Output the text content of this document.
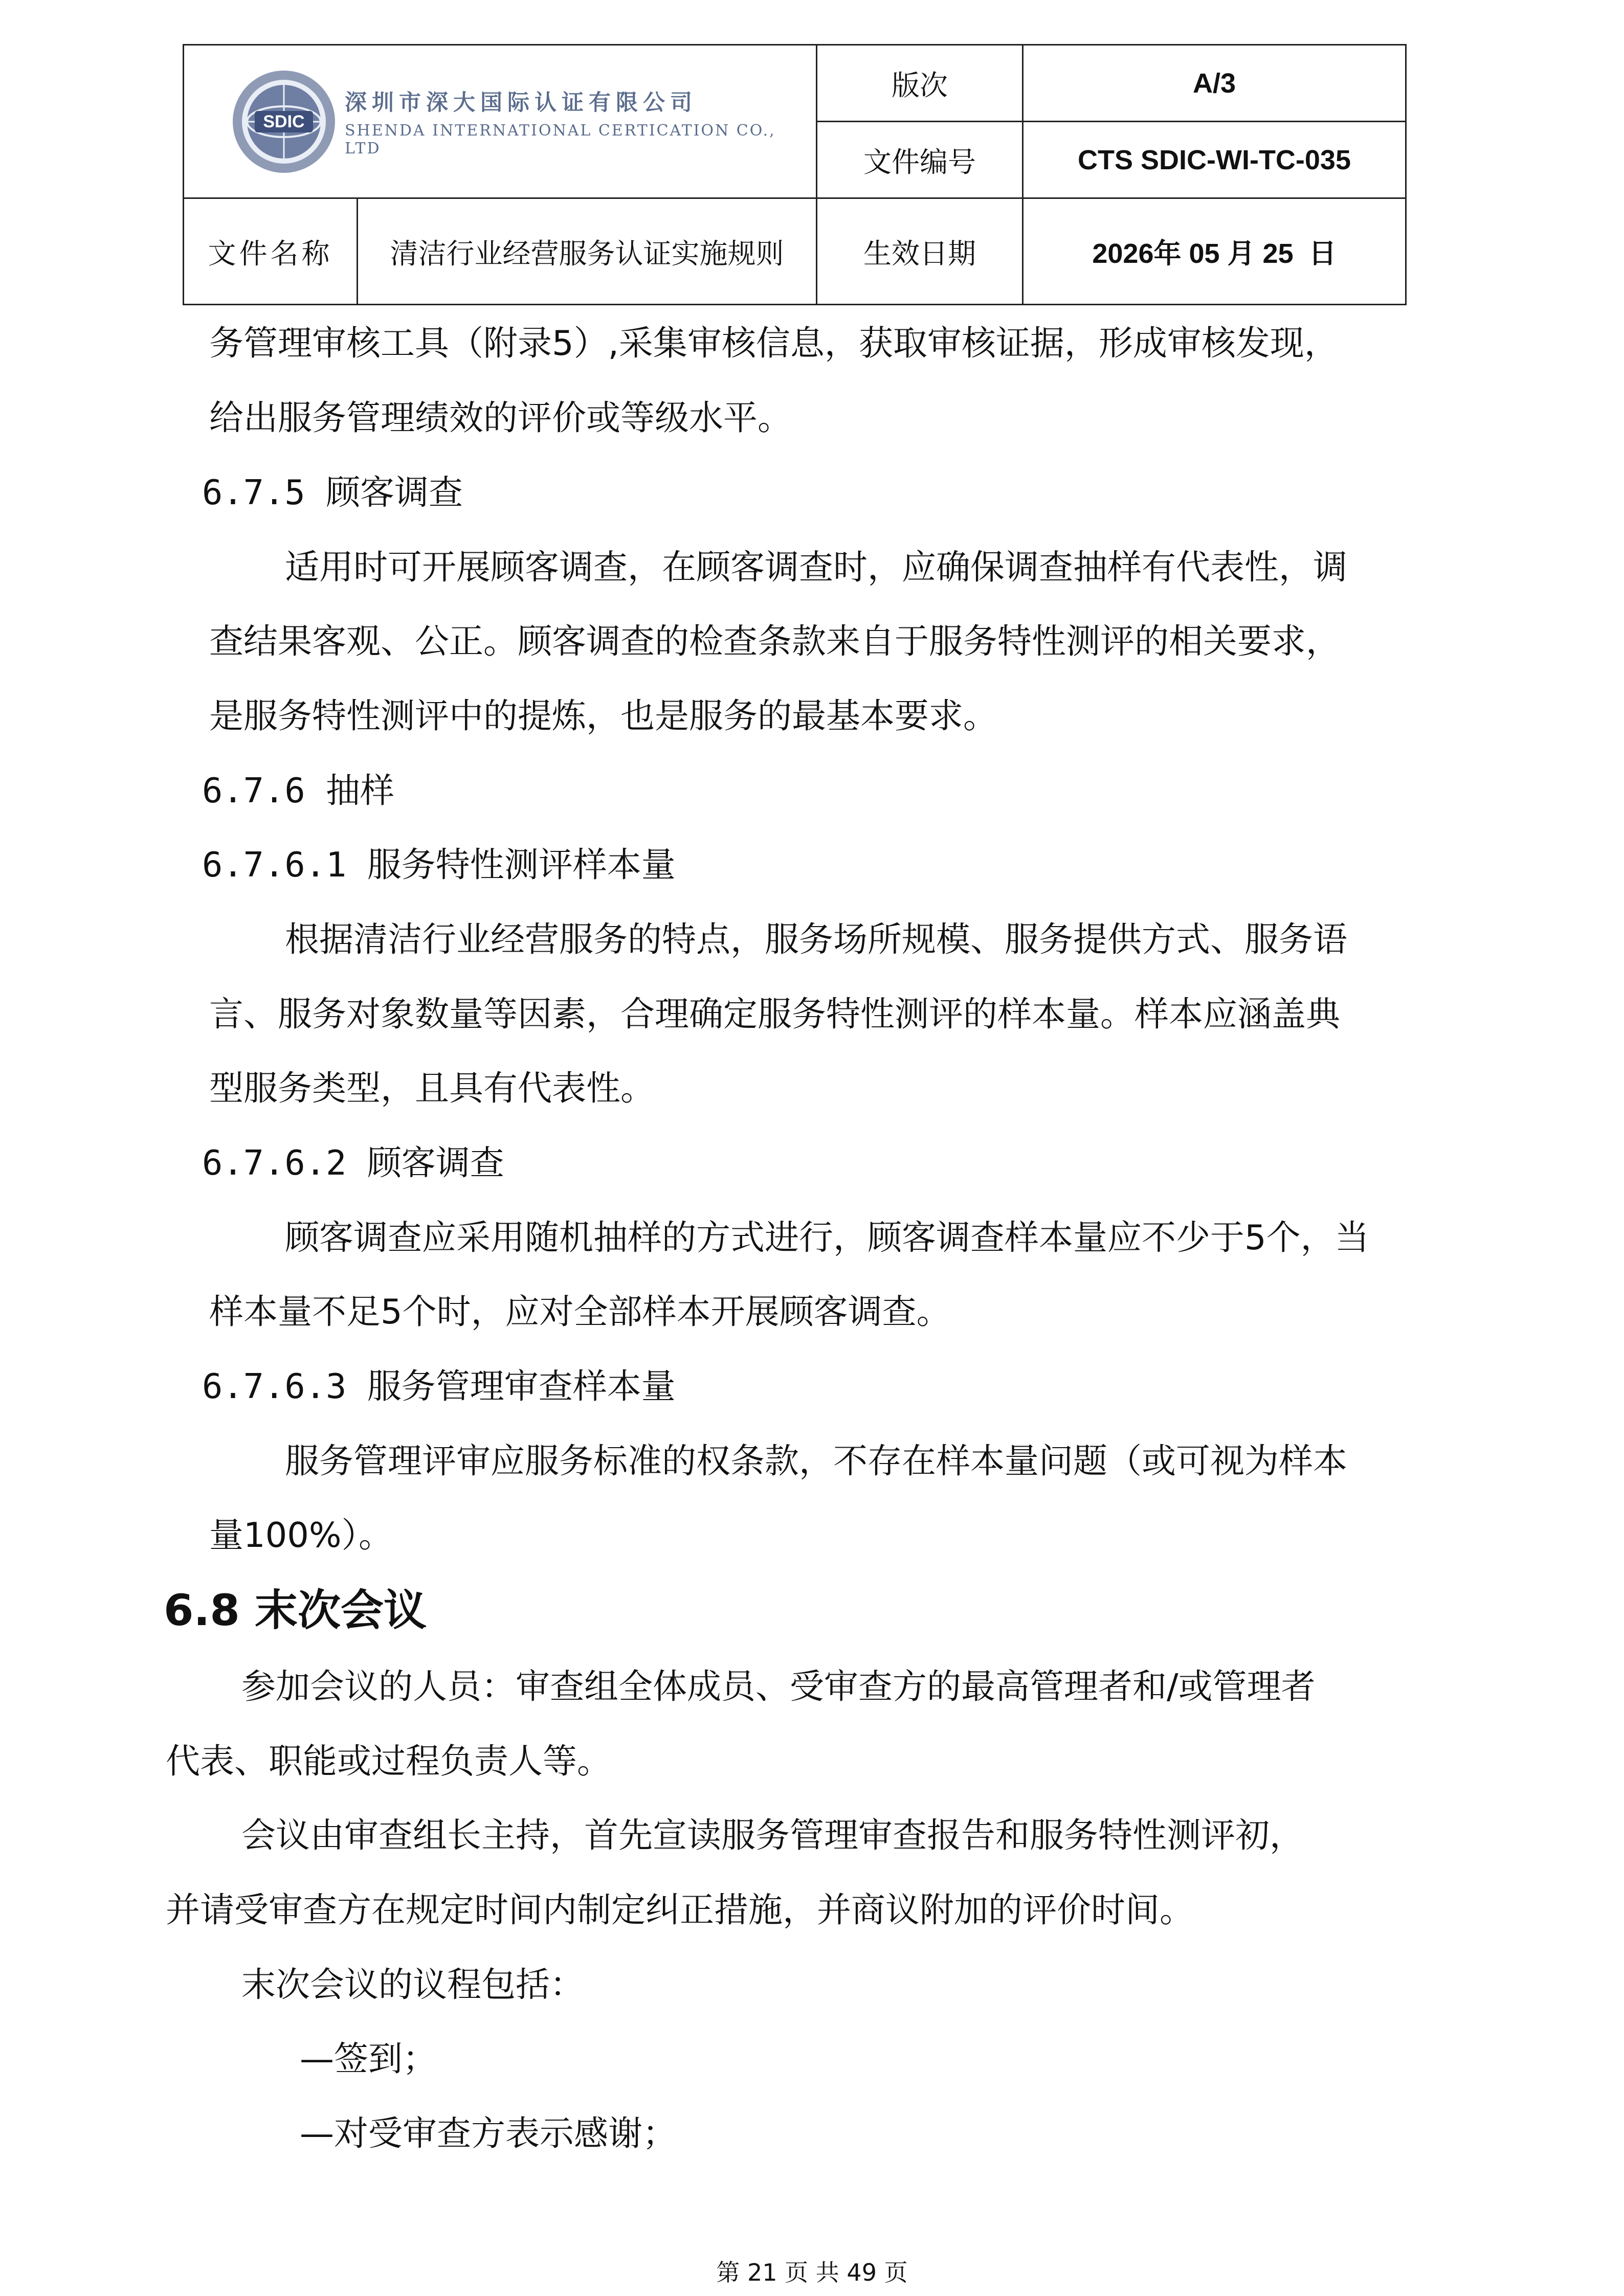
SDIC
深圳市深大国际认证有限公司
SHENDA INTERNATIONAL CERTICATION CO., LTD		版次	A/3
		文件编号	CTS SDIC-WI-TC-035
文件名称	清洁行业经营服务认证实施规则	生效日期	2026年 05 月 25  日
务管理审核工具（附录5）,采集审核信息，获取审核证据，形成审核发现，
给出服务管理绩效的评价或等级水平。
6.7.5 顾客调查
适用时可开展顾客调查，在顾客调查时，应确保调查抽样有代表性，调
查结果客观、公正。顾客调查的检查条款来自于服务特性测评的相关要求，
是服务特性测评中的提炼，也是服务的最基本要求。
6.7.6 抽样
6.7.6.1 服务特性测评样本量
根据清洁行业经营服务的特点，服务场所规模、服务提供方式、服务语
言、服务对象数量等因素，合理确定服务特性测评的样本量。样本应涵盖典
型服务类型，且具有代表性。
6.7.6.2 顾客调查
顾客调查应采用随机抽样的方式进行，顾客调查样本量应不少于5个，当
样本量不足5个时，应对全部样本开展顾客调查。
6.7.6.3 服务管理审查样本量
服务管理评审应服务标准的权条款，不存在样本量问题（或可视为样本
量100%）。
6.8 末次会议
参加会议的人员：审查组全体成员、受审查方的最高管理者和/或管理者
代表、职能或过程负责人等。
会议由审查组长主持，首先宣读服务管理审查报告和服务特性测评初，
并请受审查方在规定时间内制定纠正措施，并商议附加的评价时间。
末次会议的议程包括：
—签到；
—对受审查方表示感谢；
第 21 页 共 49 页
